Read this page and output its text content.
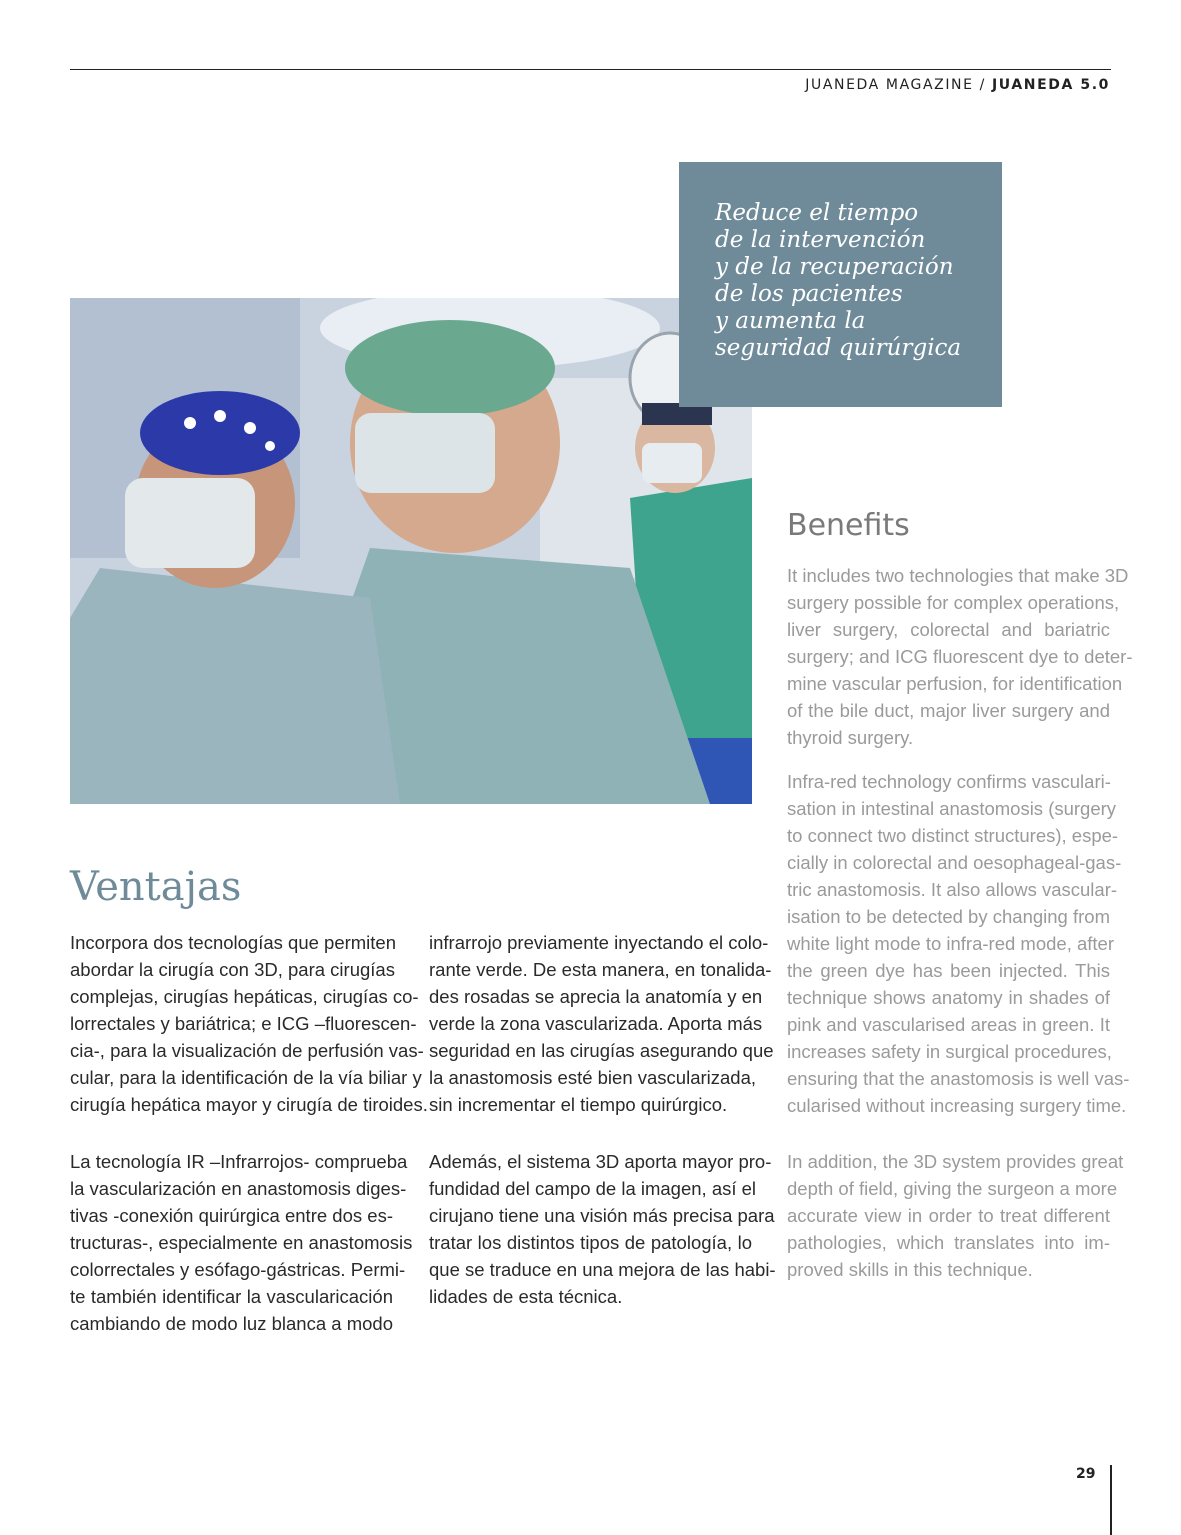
JUANEDA MAGAZINE / JUANEDA 5.0
Reduce el tiempo
de la intervención
y de la recuperación
de los pacientes
y aumenta la
seguridad quirúrgica
Benefits
It includes two technologies that make 3D
surgery possible for complex operations,
liver surgery, colorectal and bariatric
surgery; and ICG fluorescent dye to deter-
mine vascular perfusion, for identification
of the bile duct, major liver surgery and
thyroid surgery.
Infra-red technology confirms vasculari-
sation in intestinal anastomosis (surgery
to connect two distinct structures), espe-
cially in colorectal and oesophageal-gas-
tric anastomosis. It also allows vascular-
isation to be detected by changing from
white light mode to infra-red mode, after
the green dye has been injected. This
technique shows anatomy in shades of
pink and vascularised areas in green. It
increases safety in surgical procedures,
ensuring that the anastomosis is well vas-
cularised without increasing surgery time.
In addition, the 3D system provides great
depth of field, giving the surgeon a more
accurate view in order to treat different
pathologies, which translates into im-
proved skills in this technique.
Ventajas
Incorpora dos tecnologías que permiten
abordar la cirugía con 3D, para cirugías
complejas, cirugías hepáticas, cirugías co-
lorrectales y bariátrica; e ICG –fluorescen-
cia-, para la visualización de perfusión vas-
cular, para la identificación de la vía biliar y
cirugía hepática mayor y cirugía de tiroides.
La tecnología IR –Infrarrojos- comprueba
la vascularización en anastomosis diges-
tivas -conexión quirúrgica entre dos es-
tructuras-, especialmente en anastomosis
colorrectales y esófago-gástricas. Permi-
te también identificar la vascularicación
cambiando de modo luz blanca a modo
infrarrojo previamente inyectando el colo-
rante verde. De esta manera, en tonalida-
des rosadas se aprecia la anatomía y en
verde la zona vascularizada. Aporta más
seguridad en las cirugías asegurando que
la anastomosis esté bien vascularizada,
sin incrementar el tiempo quirúrgico.
Además, el sistema 3D aporta mayor pro-
fundidad del campo de la imagen, así el
cirujano tiene una visión más precisa para
tratar los distintos tipos de patología, lo
que se traduce en una mejora de las habi-
lidades de esta técnica.
29
